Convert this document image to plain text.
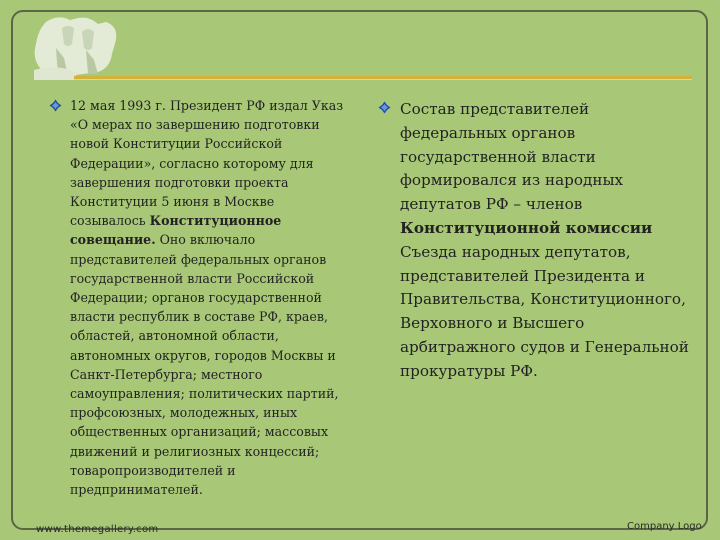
12 мая 1993 г. Президент РФ издал Указ «О мерах по завершению подготовки новой Конституции Российской Федерации», согласно которому для завершения подготовки проекта Конституции 5 июня в Москве созывалось Конституционное совещание. Оно включало представителей федеральных органов государственной власти Российской Федерации; органов государственной власти республик в составе РФ, краев, областей, автономной области, автономных округов, городов Москвы и Санкт-Петербурга; местного самоуправления; политических партий, профсоюзных, молодежных, иных общественных организаций; массовых движений и религиозных концессий; товаропроизводителей и предпринимателей.
Состав представителей федеральных органов государственной власти формировался из народных депутатов РФ – членов Конституционной комиссии Съезда народных депутатов, представителей Президента и Правительства, Конституционного, Верховного и Высшего арбитражного судов и Генеральной прокуратуры РФ.
www.themegallery.com	Company Logo
